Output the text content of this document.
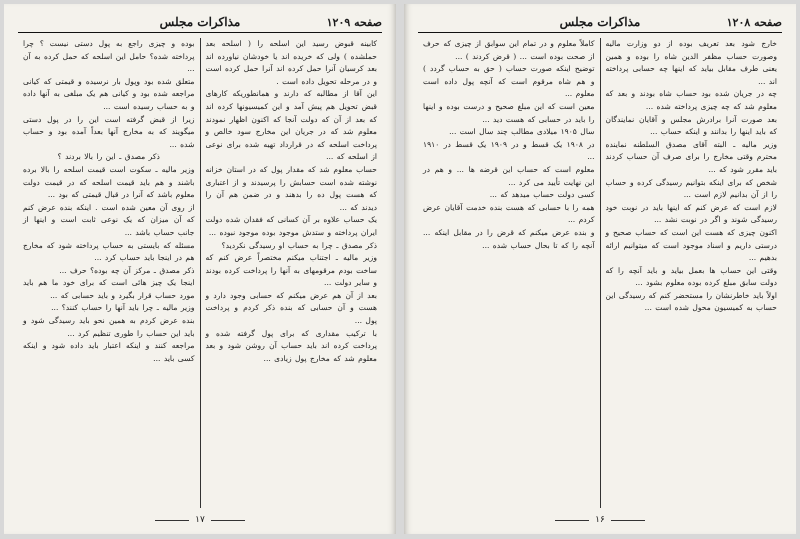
صفحه ۱۲۰۹
مذاکرات مجلس

کابینه قبوض رسید این اسلحه را ( اسلحه بعد حملشده ) ولی که خریده اند یا خودشان نیاورده اند بعد کرسیان آنرا حمل کرده اند آنرا حمل کرده است و در مرحله تحویل داده است .

این آقا از مطالبه که دارند و همانطوریکه کارهای قبض تحویل هم پیش آمد و این کمیسیونها کرده اند که بعد از آن که دولت آنجا که اکنون اظهار نمودند معلوم شد که در جریان این مخارج سود خالص و پرداخت اسلحه که در قرارداد تهیه شده برای نوعی از اسلحه که ...

حساب معلوم شد که مقدار پول که در استان خزانه نوشته شده است حسابش را پرسیدند و از اعتباری که هست پول ده را بدهند و در ضمن هم آن را دیدند که ...

یک حساب علاوه بر آن کسانی که فقدان شده دولت ایران پرداخته و ستدش موجود بوده موجود نبوده ...

ذکر مصدق ـ چرا به حساب او رسیدگی نکردید؟

وزیر مالیه ـ اجتناب میکنم مختصراً عرض کنم که ساخت بودم مرقومهای به آنها را پرداخت کرده بودند و سایر دولت ...

بعد از آن هم عرض میکنم که حسابی وجود دارد و هست و آن حسابی که بنده ذکر کردم و پرداخت پول ...

با ترکیب مقداری که برای پول گرفته شده و پرداخت کرده اند باید حساب آن روشن شود و بعد معلوم شد که مخارج پول زیادی ...

بوده و چیزی راجع به پول دستی نیست ؟ چرا پرداخته شده؟ حامل این اسلحه که حمل کرده به آن ...

متعلق شده بود وپول بار نرسیده و قیمتی که کیانی مراجعه شده بود و کیانی هم یک مبلغی به آنها داده و به حساب رسیده است ...

زیرا از قبض گرفته است این را در پول دستی میگویند که به مخارج آنها بعداً آمده بود و حساب شده ...

ذکر مصدق ـ این را بالا بردند ؟

وزیر مالیه ـ سکوت است قیمت اسلحه را بالا برده باشند و هم باید قیمت اسلحه که در قیمت دولت معلوم باشد که آنرا در قبال قیمتی که بود ...

از روی آن معین شده است . اینکه بنده عرض کنم که آن میزان که یک نوعی ثابت است و اینها از جانب حساب باشد ...

مسئله که بایستی به حساب پرداخته شود که مخارج هم در اینجا باید حساب کرد ...

ذکر مصدق ـ مرکز آن چه بوده؟ حرف ...

اینجا یک چیز هائی است که برای خود ما هم باید مورد حساب قرار بگیرد و باید حسابی که ...

وزیر مالیه ـ چرا باید آنها را حساب کنند؟ ...

بنده عرض کردم به همین نحو باید رسیدگی شود و باید این حساب را طوری تنظیم کرد ...

مراجعه کنند و اینکه اعتبار باید داده شود و اینکه کسی باید ...

۱۷
صفحه ۱۲۰۸
مذاکرات مجلس

خارج شود بعد تعریف بوده از دو وزارت مالیه وصورت حساب مظفر الدین شاه را بوده و همین یعنی طرف مقابل بیاید که اینها چه حسابی پرداخته اند ...

چه در جریان شده بود حساب شاه بودند و بعد که معلوم شد که چه چیزی پرداخته شده ...

بعد صورت آنرا برادرش مجلس و آقایان نمایندگان که باید اینها را بدانند و اینکه حساب ...

وزیر مالیه ـ البته آقای مصدق السلطنه نماینده محترم وقتی مخارج را برای صرف آن حساب کردند باید مقرر شود که ...

شخص که برای اینکه بتوانیم رسیدگی کرده و حساب را از آن بدانیم لازم است ...

لازم است که عرض کنم که اینها باید در نوبت خود رسیدگی شوند و اگر در نوبت نشد ...

اکنون چیزی که هست این است که حساب صحیح و درستی داریم و اسناد موجود است که میتوانیم ارائه بدهیم ...

وقتی این حساب ها بعمل بیاید و باید آنچه را که دولت سابق مبلغ کرده بوده معلوم بشود ...

اولاً باید خاطرنشان را مستحضر کنم که رسیدگی این حساب به کمیسیون محول شده است ...

کاملاً معلوم و در تمام این سوابق از چیزی که حرف از صحت بوده است ... ( قرض کردند ) ...

توضیح اینکه صورت حساب ( حق به حساب گردد ) و هم شاه مرقوم است که آنچه پول داده است معلوم ...

معین است که این مبلغ صحیح و درست بوده و اینها را باید در حسابی که هست دید ...

سال ۱۹۰۵ میلادی مطالب چند سال است ...

در ۱۹۰۸ یک قسط و در ۱۹۰۹ یک قسط در ۱۹۱۰ ...

معلوم است که حساب این قرضه ها ... و هم در این نهایت تأیید می کرد ...

کسی دولت حساب میدهد که ...

همه را با حسابی که هست بنده خدمت آقایان عرض کردم ...

و بنده عرض میکنم که قرض را در مقابل اینکه ... آنچه را که تا بحال حساب شده ...

۱۶
